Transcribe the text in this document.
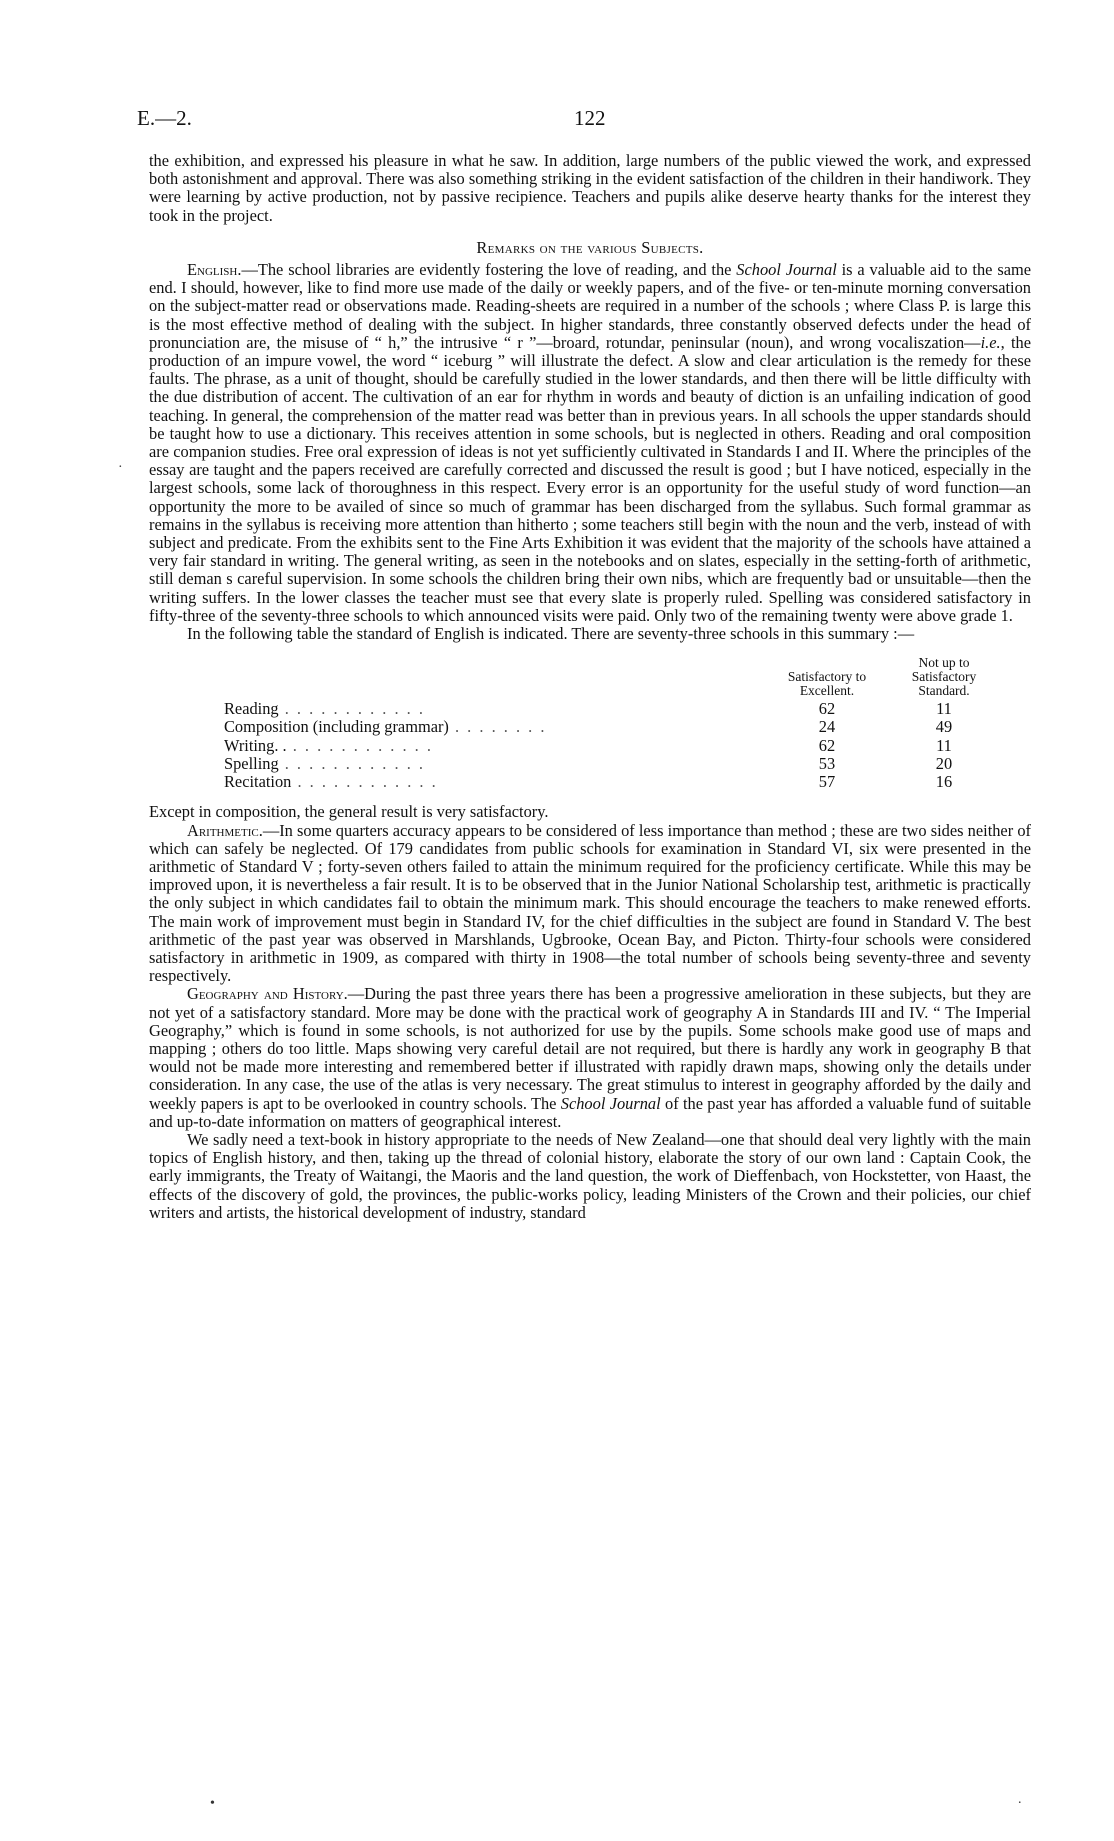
E.—2.	122

the exhibition, and expressed his pleasure in what he saw. In addition, large numbers of the public viewed the work, and expressed both astonishment and approval. There was also something striking in the evident satisfaction of the children in their handiwork. They were learning by active production, not by passive recipience. Teachers and pupils alike deserve hearty thanks for the interest they took in the project.

Remarks on the various Subjects.

English.—The school libraries are evidently fostering the love of reading, and the School Journal is a valuable aid to the same end. I should, however, like to find more use made of the daily or weekly papers, and of the five- or ten-minute morning conversation on the subject-matter read or observations made. Reading-sheets are required in a number of the schools ; where Class P. is large this is the most effective method of dealing with the subject. In higher standards, three constantly observed defects under the head of pronunciation are, the misuse of “ h,” the intrusive “ r ”—broard, rotundar, peninsular (noun), and wrong vocaliszation—i.e., the production of an impure vowel, the word “ iceburg ” will illustrate the defect. A slow and clear articulation is the remedy for these faults. The phrase, as a unit of thought, should be carefully studied in the lower standards, and then there will be little difficulty with the due distribution of accent. The cultivation of an ear for rhythm in words and beauty of diction is an unfailing indication of good teaching. In general, the comprehension of the matter read was better than in previous years. In all schools the upper standards should be taught how to use a dictionary. This receives attention in some schools, but is neglected in others. Reading and oral composition are companion studies. Free oral expression of ideas is not yet sufficiently cultivated in Standards I and II. Where the principles of the essay are taught and the papers received are carefully corrected and discussed the result is good ; but I have noticed, especially in the largest schools, some lack of thoroughness in this respect. Every error is an opportunity for the useful study of word function—an opportunity the more to be availed of since so much of grammar has been discharged from the syllabus. Such formal grammar as remains in the syllabus is receiving more attention than hitherto ; some teachers still begin with the noun and the verb, instead of with subject and predicate. From the exhibits sent to the Fine Arts Exhibition it was evident that the majority of the schools have attained a very fair standard in writing. The general writing, as seen in the notebooks and on slates, especially in the setting-forth of arithmetic, still deman s careful supervision. In some schools the children bring their own nibs, which are frequently bad or unsuitable—then the writing suffers. In the lower classes the teacher must see that every slate is properly ruled. Spelling was considered satisfactory in fifty-three of the seventy-three schools to which announced visits were paid. Only two of the remaining twenty were above grade 1.

In the following table the standard of English is indicated. There are seventy-three schools in this summary :—

	Satisfactory to Excellent.	Not up to Satisfactory Standard.
Reading . . . . . . . . . . . .	62	11
Composition (including grammar) . . . . . . . .	24	49
Writing. . . . . . . . . . . . . .	62	11
Spelling . . . . . . . . . . . .	53	20
Recitation . . . . . . . . . . . .	57	16

Except in composition, the general result is very satisfactory.

Arithmetic.—In some quarters accuracy appears to be considered of less importance than method ; these are two sides neither of which can safely be neglected. Of 179 candidates from public schools for examination in Standard VI, six were presented in the arithmetic of Standard V ; forty-seven others failed to attain the minimum required for the proficiency certificate. While this may be improved upon, it is nevertheless a fair result. It is to be observed that in the Junior National Scholarship test, arithmetic is practically the only subject in which candidates fail to obtain the minimum mark. This should encourage the teachers to make renewed efforts. The main work of improvement must begin in Standard IV, for the chief difficulties in the subject are found in Standard V. The best arithmetic of the past year was observed in Marshlands, Ugbrooke, Ocean Bay, and Picton. Thirty-four schools were considered satisfactory in arithmetic in 1909, as compared with thirty in 1908—the total number of schools being seventy-three and seventy respectively.

Geography and History.—During the past three years there has been a progressive amelioration in these subjects, but they are not yet of a satisfactory standard. More may be done with the practical work of geography A in Standards III and IV. “ The Imperial Geography,” which is found in some schools, is not authorized for use by the pupils. Some schools make good use of maps and mapping ; others do too little. Maps showing very careful detail are not required, but there is hardly any work in geography B that would not be made more interesting and remembered better if illustrated with rapidly drawn maps, showing only the details under consideration. In any case, the use of the atlas is very necessary. The great stimulus to interest in geography afforded by the daily and weekly papers is apt to be overlooked in country schools. The School Journal of the past year has afforded a valuable fund of suitable and up-to-date information on matters of geographical interest.

We sadly need a text-book in history appropriate to the needs of New Zealand—one that should deal very lightly with the main topics of English history, and then, taking up the thread of colonial history, elaborate the story of our own land : Captain Cook, the early immigrants, the Treaty of Waitangi, the Maoris and the land question, the work of Dieffenbach, von Hockstetter, von Haast, the effects of the discovery of gold, the provinces, the public-works policy, leading Ministers of the Crown and their policies, our chief writers and artists, the historical development of industry, standard

·
•	.
